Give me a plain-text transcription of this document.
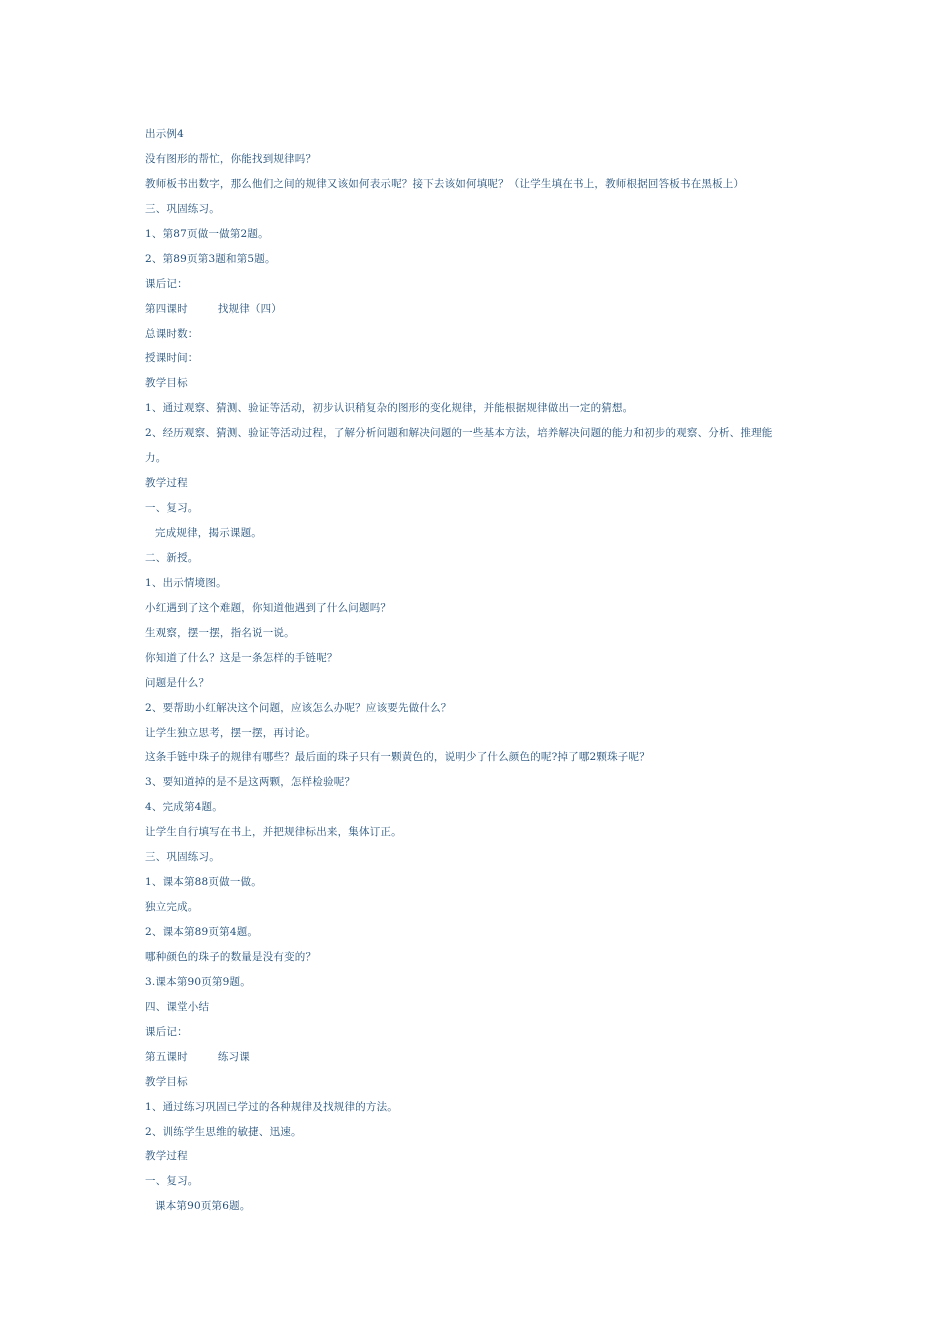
出示例4
没有图形的帮忙，你能找到规律吗？
教师板书出数字，那么他们之间的规律又该如何表示呢？接下去该如何填呢？（让学生填在书上，教师根据回答板书在黑板上）
三、巩固练习。
1、第87页做一做第2题。
2、第89页第3题和第5题。
课后记：
第四课时	找规律（四）
总课时数：
授课时间：
教学目标
1、通过观察、猜测、验证等活动，初步认识稍复杂的图形的变化规律，并能根据规律做出一定的猜想。
2、经历观察、猜测、验证等活动过程，了解分析问题和解决问题的一些基本方法，培养解决问题的能力和初步的观察、分析、推理能
力。
教学过程
一、复习。
完成规律，揭示课题。
二、新授。
1、出示情境图。
小红遇到了这个难题，你知道他遇到了什么问题吗？
生观察，摆一摆，指名说一说。
你知道了什么？这是一条怎样的手链呢？
问题是什么？
2、要帮助小红解决这个问题，应该怎么办呢？应该要先做什么？
让学生独立思考，摆一摆，再讨论。
这条手链中珠子的规律有哪些？最后面的珠子只有一颗黄色的，说明少了什么颜色的呢?掉了哪2颗珠子呢？
3、要知道掉的是不是这两颗，怎样检验呢？
4、完成第4题。
让学生自行填写在书上，并把规律标出来，集体订正。
三、巩固练习。
1、课本第88页做一做。
独立完成。
2、课本第89页第4题。
哪种颜色的珠子的数量是没有变的？
3.课本第90页第9题。
四、课堂小结
课后记：
第五课时	练习课
教学目标
1、通过练习巩固已学过的各种规律及找规律的方法。
2、训练学生思维的敏捷、迅速。
教学过程
一、复习。
课本第90页第6题。
